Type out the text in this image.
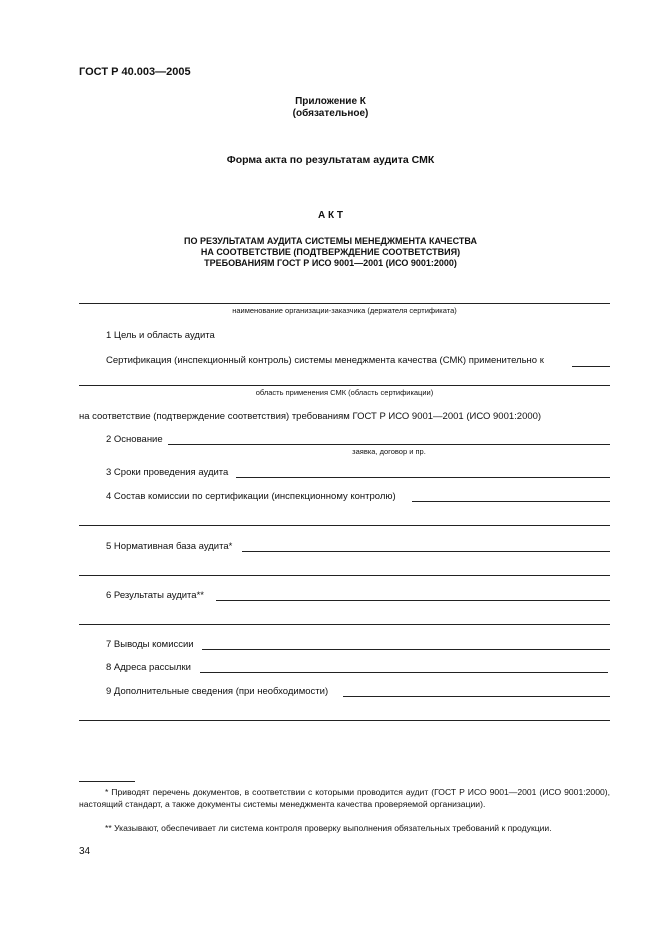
ГОСТ Р 40.003—2005
Приложение К
(обязательное)
Форма акта по результатам аудита СМК
А К Т
ПО РЕЗУЛЬТАТАМ АУДИТА СИСТЕМЫ МЕНЕДЖМЕНТА КАЧЕСТВА
НА СООТВЕТСТВИЕ (ПОДТВЕРЖДЕНИЕ СООТВЕТСТВИЯ)
ТРЕБОВАНИЯМ ГОСТ Р ИСО 9001—2001 (ИСО 9001:2000)
наименование организации-заказчика (держателя сертификата)
1 Цель и область аудита
Сертификация (инспекционный контроль) системы менеджмента качества (СМК) применительно к
область применения СМК (область сертификации)
на соответствие (подтверждение соответствия) требованиям ГОСТ Р ИСО 9001—2001 (ИСО 9001:2000)
2 Основание
заявка, договор и пр.
3 Сроки проведения аудита
4 Состав комиссии по сертификации (инспекционному контролю)
5 Нормативная база аудита*
6 Результаты аудита**
7 Выводы комиссии
8 Адреса рассылки
9 Дополнительные сведения (при необходимости)
* Приводят перечень документов, в соответствии с которыми проводится аудит (ГОСТ Р ИСО 9001—2001 (ИСО 9001:2000), настоящий стандарт, а также документы системы менеджмента качества проверяемой организации).
** Указывают, обеспечивает ли система контроля проверку выполнения обязательных требований к продукции.
34
